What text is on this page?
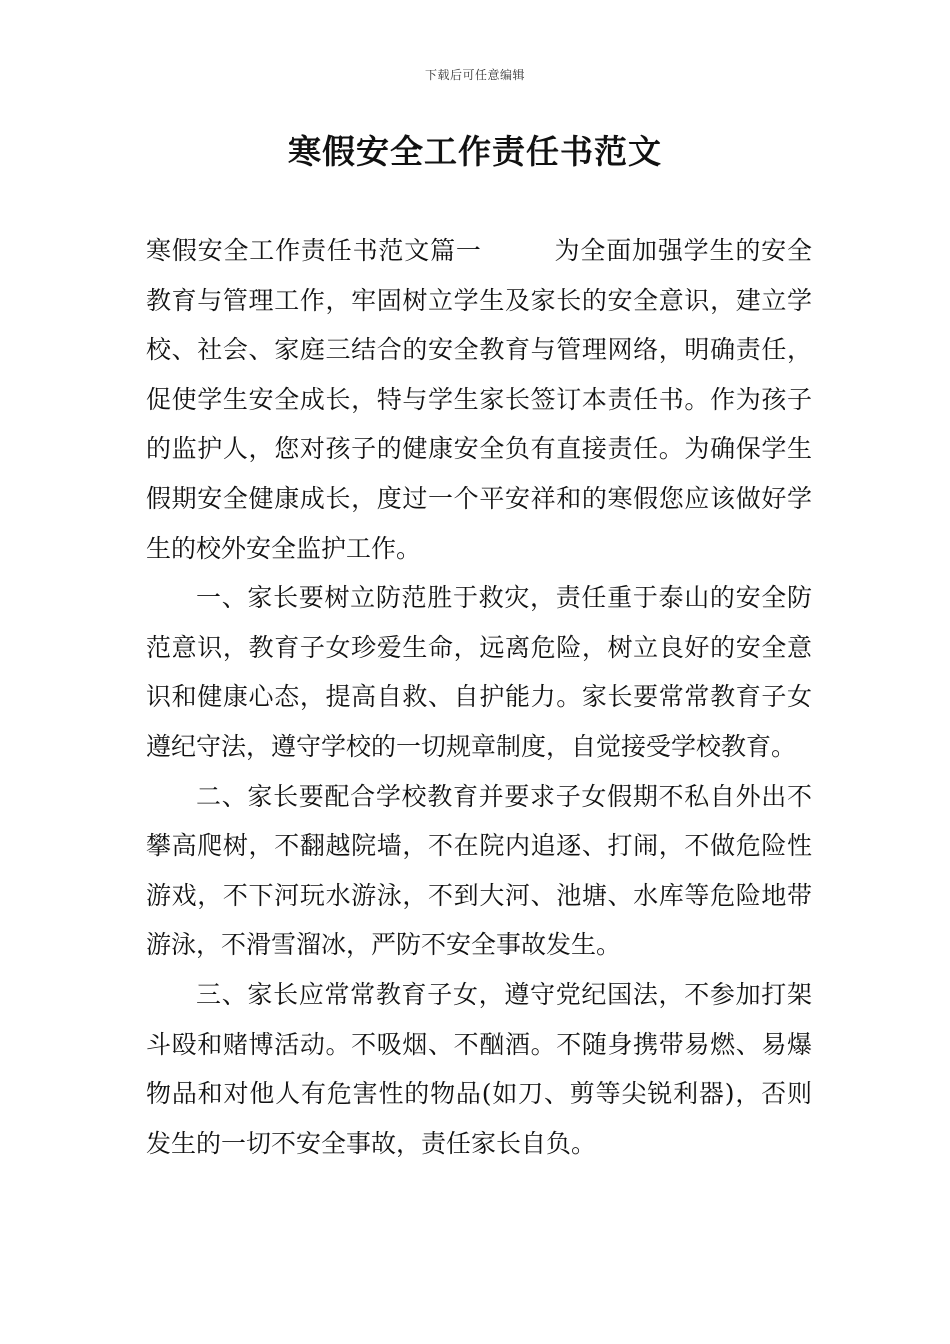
下载后可任意编辑
寒假安全工作责任书范文

寒假安全工作责任书范文篇一	为全面加强学生的安全教育与管理工作，牢固树立学生及家长的安全意识，建立学校、社会、家庭三结合的安全教育与管理网络，明确责任，促使学生安全成长，特与学生家长签订本责任书。作为孩子的监护人，您对孩子的健康安全负有直接责任。为确保学生假期安全健康成长，度过一个平安祥和的寒假您应该做好学生的校外安全监护工作。

一、家长要树立防范胜于救灾，责任重于泰山的安全防范意识，教育子女珍爱生命，远离危险，树立良好的安全意识和健康心态，提高自救、自护能力。家长要常常教育子女遵纪守法，遵守学校的一切规章制度，自觉接受学校教育。

二、家长要配合学校教育并要求子女假期不私自外出不攀高爬树，不翻越院墙，不在院内追逐、打闹，不做危险性游戏，不下河玩水游泳，不到大河、池塘、水库等危险地带游泳，不滑雪溜冰，严防不安全事故发生。

三、家长应常常教育子女，遵守党纪国法，不参加打架斗殴和赌博活动。不吸烟、不酗酒。不随身携带易燃、易爆物品和对他人有危害性的物品(如刀、剪等尖锐利器)，否则发生的一切不安全事故，责任家长自负。
